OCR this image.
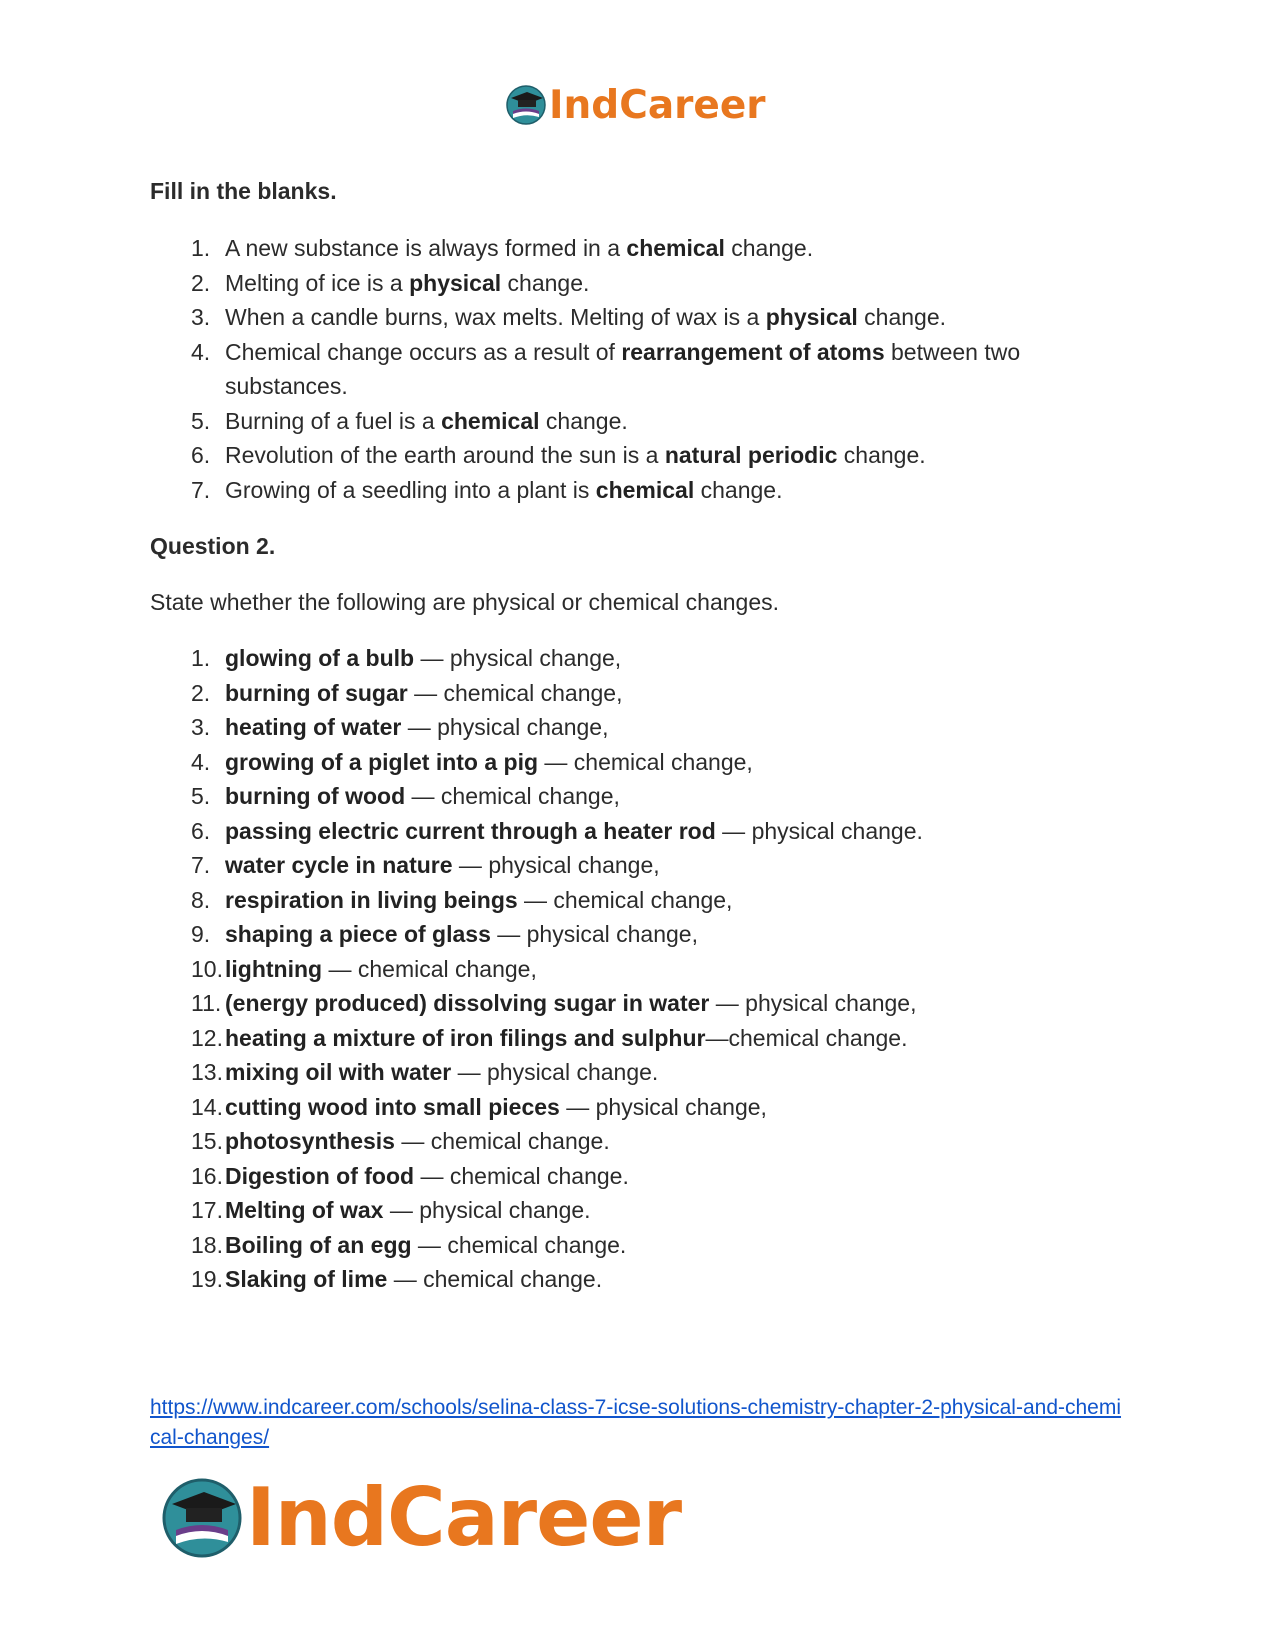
IndCareer

Fill in the blanks.

1. A new substance is always formed in a chemical change.
2. Melting of ice is a physical change.
3. When a candle burns, wax melts. Melting of wax is a physical change.
4. Chemical change occurs as a result of rearrangement of atoms between two substances.
5. Burning of a fuel is a chemical change.
6. Revolution of the earth around the sun is a natural periodic change.
7. Growing of a seedling into a plant is chemical change.

Question 2.

State whether the following are physical or chemical changes.

1. glowing of a bulb — physical change,
2. burning of sugar — chemical change,
3. heating of water — physical change,
4. growing of a piglet into a pig — chemical change,
5. burning of wood — chemical change,
6. passing electric current through a heater rod — physical change.
7. water cycle in nature — physical change,
8. respiration in living beings — chemical change,
9. shaping a piece of glass — physical change,
10. lightning — chemical change,
11. (energy produced) dissolving sugar in water — physical change,
12. heating a mixture of iron filings and sulphur—chemical change.
13. mixing oil with water — physical change.
14. cutting wood into small pieces — physical change,
15. photosynthesis — chemical change.
16. Digestion of food — chemical change.
17. Melting of wax — physical change.
18. Boiling of an egg — chemical change.
19. Slaking of lime — chemical change.
https://www.indcareer.com/schools/selina-class-7-icse-solutions-chemistry-chapter-2-physical-and-chemical-changes/
IndCareer
